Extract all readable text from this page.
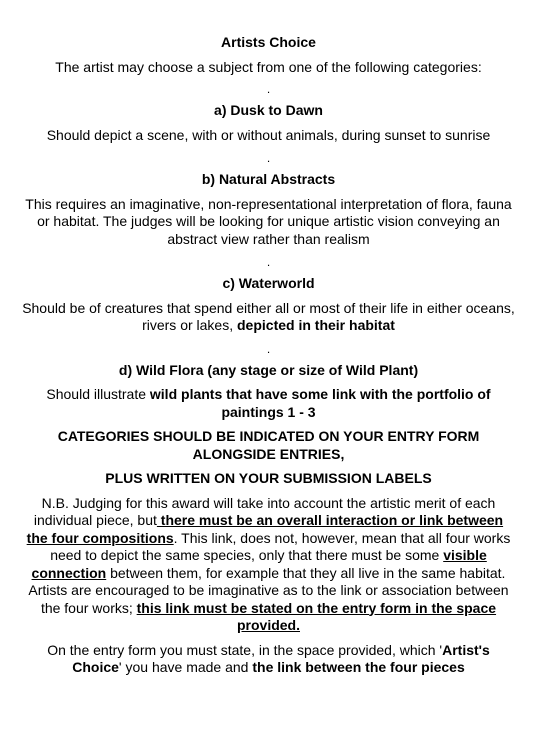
Artists Choice
The artist may choose a subject from one of the following categories:
.
a) Dusk to Dawn
Should depict a scene, with or without animals, during sunset to sunrise
.
b) Natural Abstracts
This requires an imaginative, non-representational interpretation of flora, fauna or habitat. The judges will be looking for unique artistic vision conveying an abstract view rather than realism
.
c) Waterworld
Should be of creatures that spend either all or most of their life in either oceans, rivers or lakes, depicted in their habitat
.
d) Wild Flora (any stage or size of Wild Plant)
Should illustrate wild plants that have some link with the portfolio of paintings 1 - 3
CATEGORIES SHOULD BE INDICATED ON YOUR ENTRY FORM ALONGSIDE ENTRIES,
PLUS WRITTEN ON YOUR SUBMISSION LABELS
N.B. Judging for this award will take into account the artistic merit of each individual piece, but there must be an overall interaction or link between the four compositions. This link, does not, however, mean that all four works need to depict the same species, only that there must be some visible connection between them, for example that they all live in the same habitat. Artists are encouraged to be imaginative as to the link or association between the four works; this link must be stated on the entry form in the space provided.
On the entry form you must state, in the space provided, which 'Artist's Choice' you have made and the link between the four pieces
